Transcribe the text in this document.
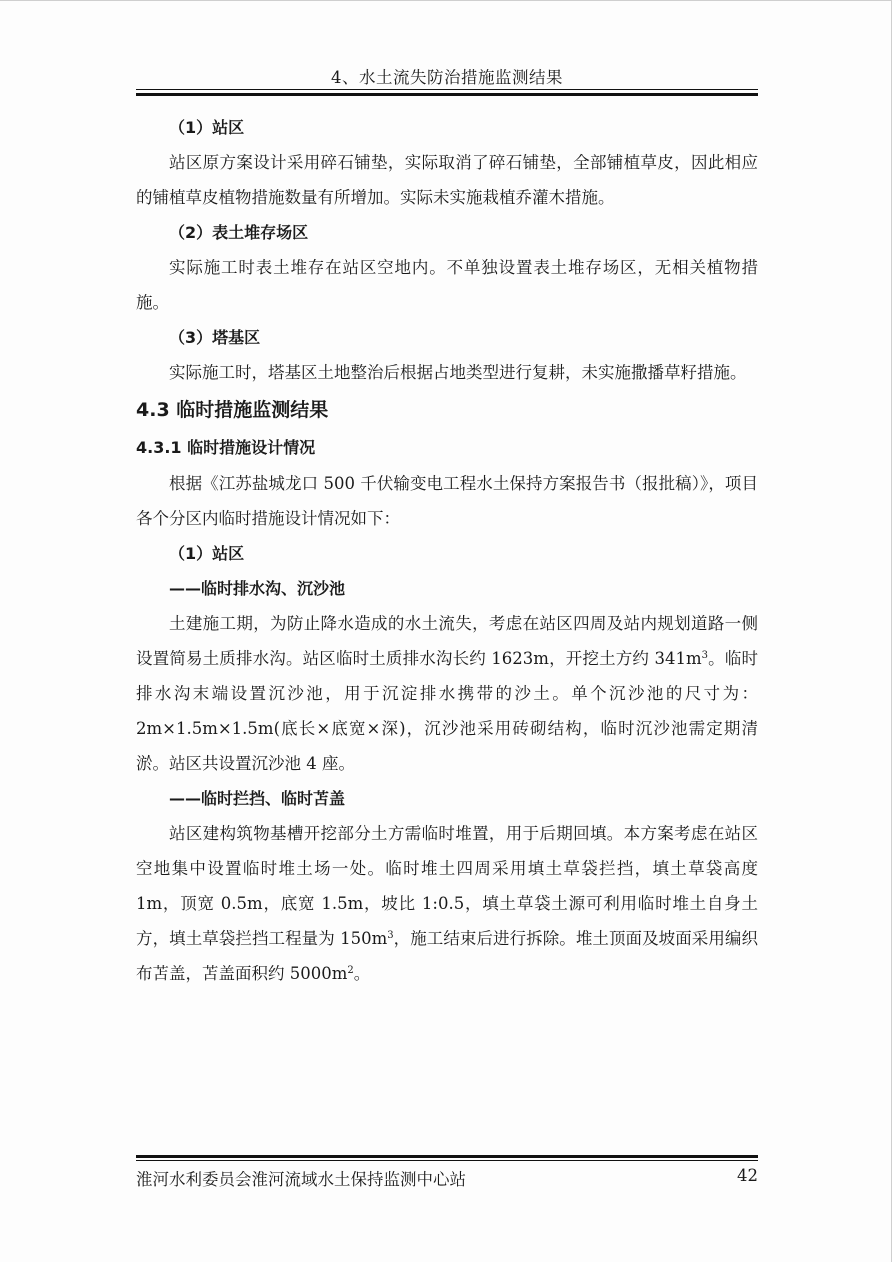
4、水土流失防治措施监测结果

（1）站区

站区原方案设计采用碎石铺垫，实际取消了碎石铺垫，全部铺植草皮，因此相应的铺植草皮植物措施数量有所增加。实际未实施栽植乔灌木措施。

（2）表土堆存场区

实际施工时表土堆存在站区空地内。不单独设置表土堆存场区，无相关植物措施。

（3）塔基区

实际施工时，塔基区土地整治后根据占地类型进行复耕，未实施撒播草籽措施。

4.3 临时措施监测结果

4.3.1 临时措施设计情况

根据《江苏盐城龙口 500 千伏输变电工程水土保持方案报告书（报批稿）》，项目各个分区内临时措施设计情况如下：

（1）站区

——临时排水沟、沉沙池

土建施工期，为防止降水造成的水土流失，考虑在站区四周及站内规划道路一侧设置简易土质排水沟。站区临时土质排水沟长约 1623m，开挖土方约 $341m^3$。临时排水沟末端设置沉沙池，用于沉淀排水携带的沙土。单个沉沙池的尺寸为：2m×1.5m×1.5m(底长×底宽×深)，沉沙池采用砖砌结构，临时沉沙池需定期清淤。站区共设置沉沙池 4 座。

——临时拦挡、临时苫盖

站区建构筑物基槽开挖部分土方需临时堆置，用于后期回填。本方案考虑在站区空地集中设置临时堆土场一处。临时堆土四周采用填土草袋拦挡，填土草袋高度 1m，顶宽 0.5m，底宽 1.5m，坡比 1:0.5，填土草袋土源可利用临时堆土自身土方，填土草袋拦挡工程量为 $150m^3$，施工结束后进行拆除。堆土顶面及坡面采用编织布苫盖，苫盖面积约 $5000m^2$。

淮河水利委员会淮河流域水土保持监测中心站	42
